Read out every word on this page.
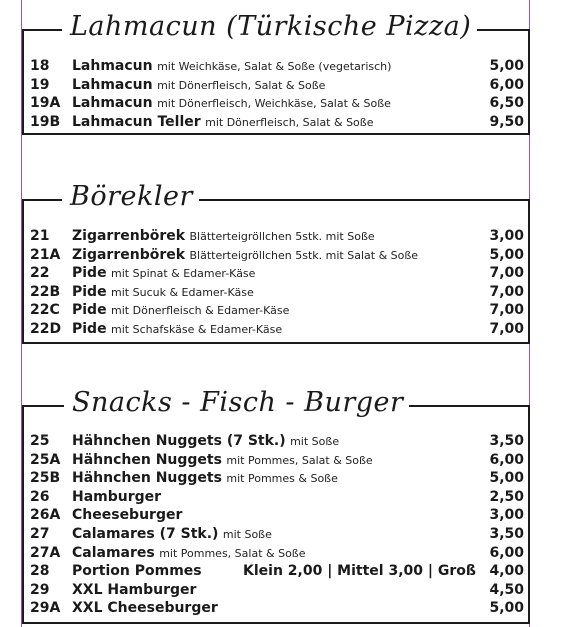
Lahmacun (Türkische Pizza)
18 Lahmacun mit Weichkäse, Salat & Soße (vegetarisch)	5,00
19 Lahmacun mit Dönerfleisch, Salat & Soße	6,00
19A Lahmacun mit Dönerfleisch, Weichkäse, Salat & Soße	6,50
19B Lahmacun Teller mit Dönerfleisch, Salat & Soße	9,50
Börekler
21 Zigarrenbörek Blätterteigröllchen 5stk. mit Soße	3,00
21A Zigarrenbörek Blätterteigröllchen 5stk. mit Salat & Soße	5,00
22 Pide mit Spinat & Edamer-Käse	7,00
22B Pide mit Sucuk & Edamer-Käse	7,00
22C Pide mit Dönerfleisch & Edamer-Käse	7,00
22D Pide mit Schafskäse & Edamer-Käse	7,00
Snacks - Fisch - Burger
25 Hähnchen Nuggets (7 Stk.) mit Soße	3,50
25A Hähnchen Nuggets mit Pommes, Salat & Soße	6,00
25B Hähnchen Nuggets mit Pommes & Soße	5,00
26 Hamburger	2,50
26A Cheeseburger	3,00
27 Calamares (7 Stk.) mit Soße	3,50
27A Calamares mit Pommes, Salat & Soße	6,00
28 Portion Pommes	Klein 2,00 | Mittel 3,00 | Groß 4,00
29 XXL Hamburger	4,50
29A XXL Cheeseburger	5,00
